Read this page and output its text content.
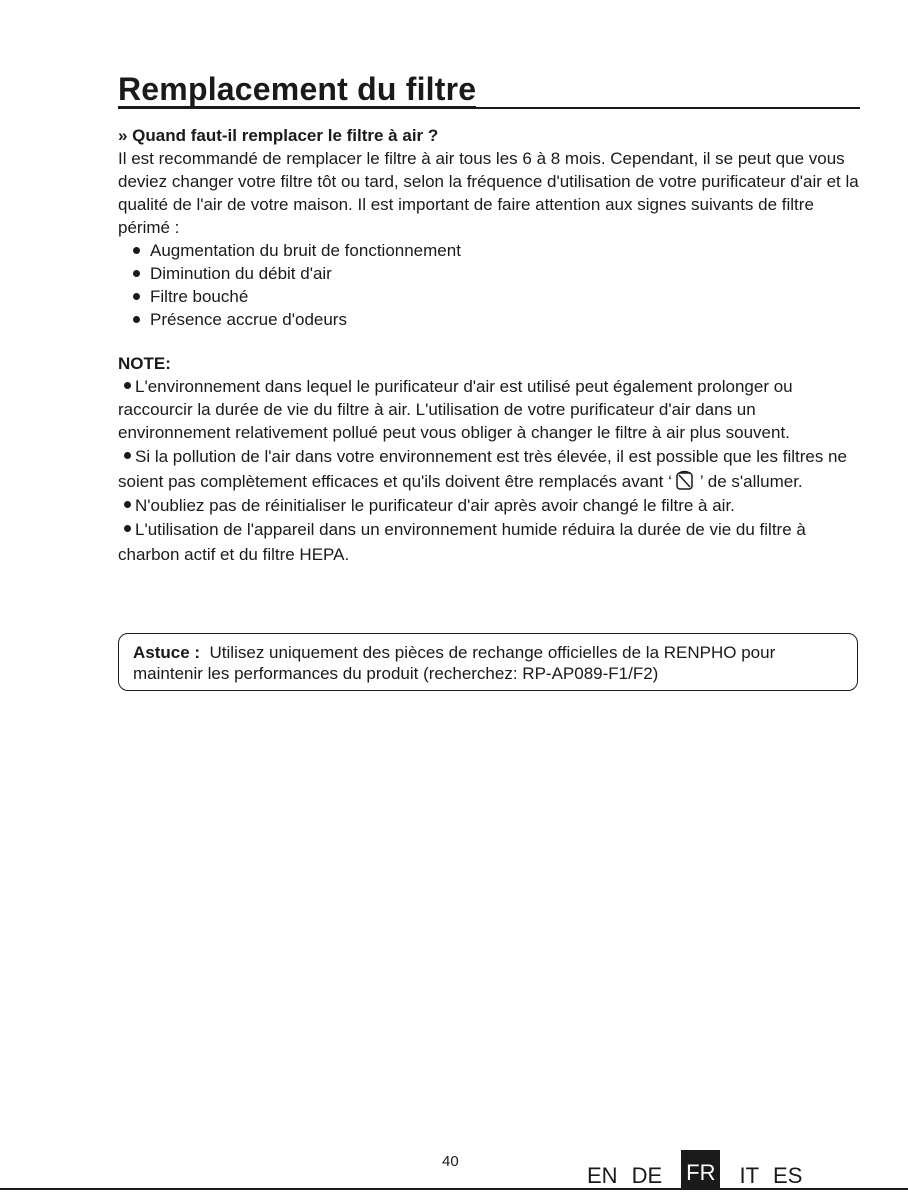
Remplacement du filtre
» Quand faut-il remplacer le filtre à air ?

Il est recommandé de remplacer le filtre à air tous les 6 à 8 mois. Cependant, il se peut que vous deviez changer votre filtre tôt ou tard, selon la fréquence d'utilisation de votre purificateur d'air et la qualité de l'air de votre maison. Il est important de faire attention aux signes suivants de filtre périmé :

Augmentation du bruit de fonctionnement
Diminution du débit d'air
Filtre bouché
Présence accrue d'odeurs
NOTE:

L'environnement dans lequel le purificateur d'air est utilisé peut également prolonger ou raccourcir la durée de vie du filtre à air. L'utilisation de votre purificateur d'air dans un environnement relativement pollué peut vous obliger à changer le filtre à air plus souvent.

Si la pollution de l'air dans votre environnement est très élevée, il est possible que les filtres ne soient pas complètement efficaces et qu'ils doivent être remplacés avant ‘ ’ de s'allumer.

N'oubliez pas de réinitialiser le purificateur d'air après avoir changé le filtre à air.

L'utilisation de l'appareil dans un environnement humide réduira la durée de vie du filtre à charbon actif et du filtre HEPA.

Astuce : Utilisez uniquement des pièces de rechange officielles de la RENPHO pour maintenir les performances du produit (recherchez: RP-AP089-F1/F2)
40
EN DE	FR	IT ES
